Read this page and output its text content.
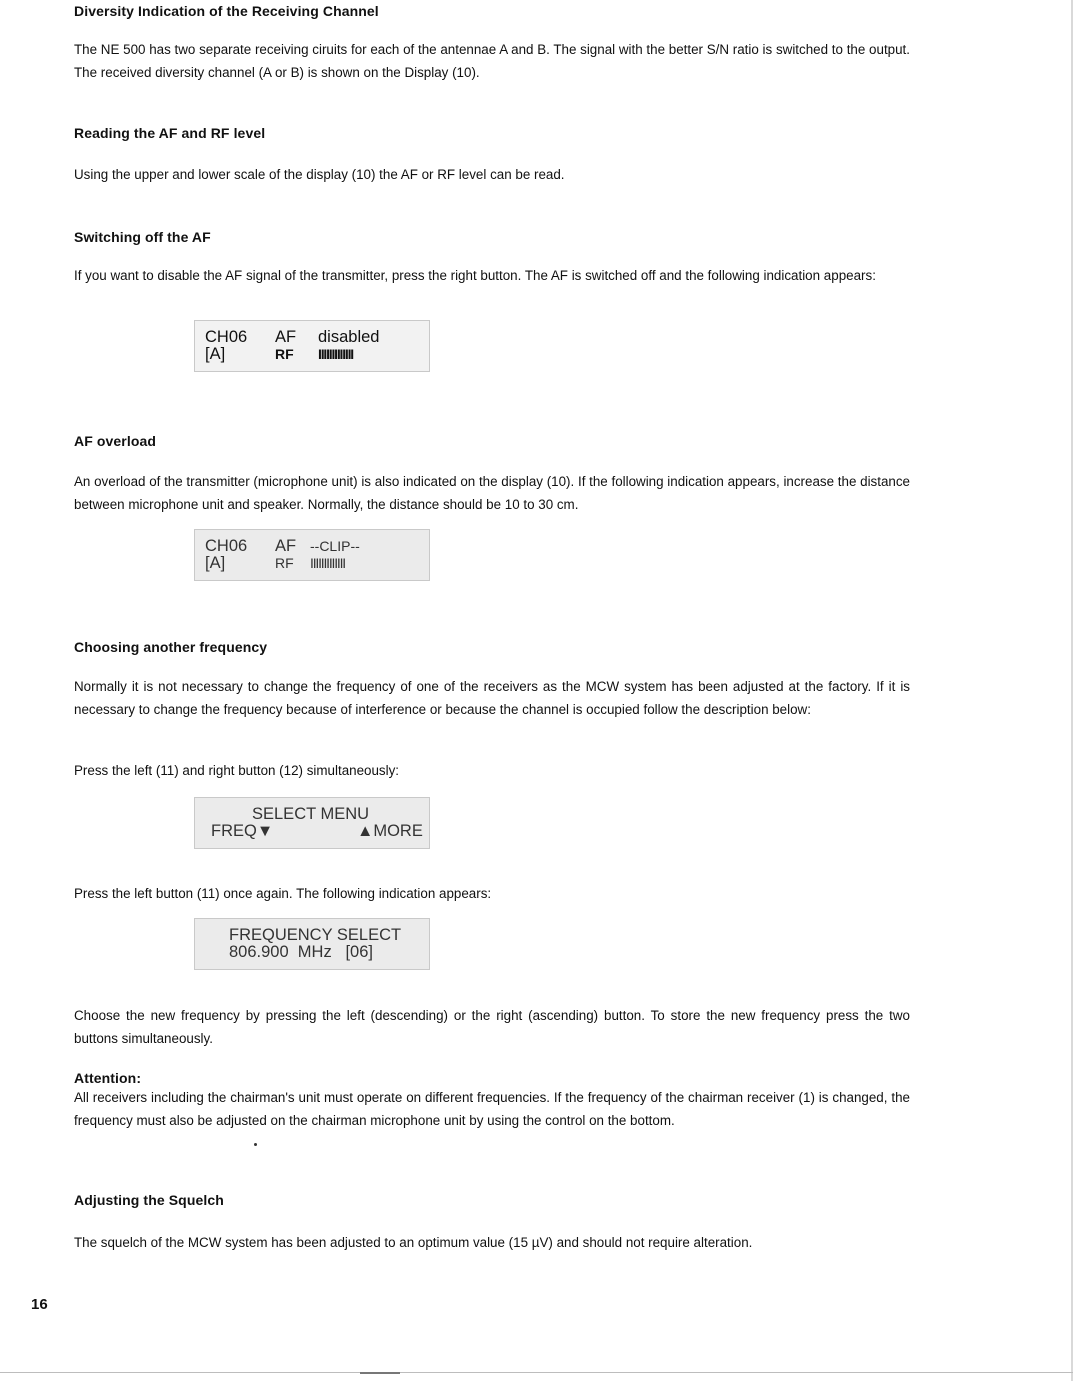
Diversity Indication of the Receiving Channel

The NE 500 has two separate receiving ciruits for each of the antennae A and B. The signal with the better S/N ratio is switched to the output. The received diversity channel (A or B) is shown on the Display (10).

Reading the AF and RF level

Using the upper and lower scale of the display (10) the AF or RF level can be read.

Switching off the AF

If you want to disable the AF signal of the transmitter, press the right button. The AF is switched off and the following indication appears:

CH06 AF disabled
[A]	RF IIIIIIIIIIIII
AF overload

An overload of the transmitter (microphone unit) is also indicated on the display (10). If the following indication appears, increase the distance between microphone unit and speaker. Normally, the distance should be 10 to 30 cm.

CH06 AF --CLIP--
[A]	RF IIIIIIIIIIIII
Choosing another frequency

Normally it is not necessary to change the frequency of one of the receivers as the MCW system has been adjusted at the factory. If it is necessary to change the frequency because of interference or because the channel is occupied follow the description below:

Press the left (11) and right button (12) simultaneously:

SELECT MENU
FREQ▼	▲MORE

Press the left button (11) once again. The following indication appears:

FREQUENCY SELECT
806.900  MHz   [06]

Choose the new frequency by pressing the left (descending) or the right (ascending) button. To store the new frequency press the two buttons simultaneously.

Attention:

All receivers including the chairman's unit must operate on different frequencies. If the frequency of the chairman receiver (1) is changed, the frequency must also be adjusted on the chairman microphone unit by using the control on the bottom.

Adjusting the Squelch

The squelch of the MCW system has been adjusted to an optimum value (15 µV) and should not require alteration.

16
